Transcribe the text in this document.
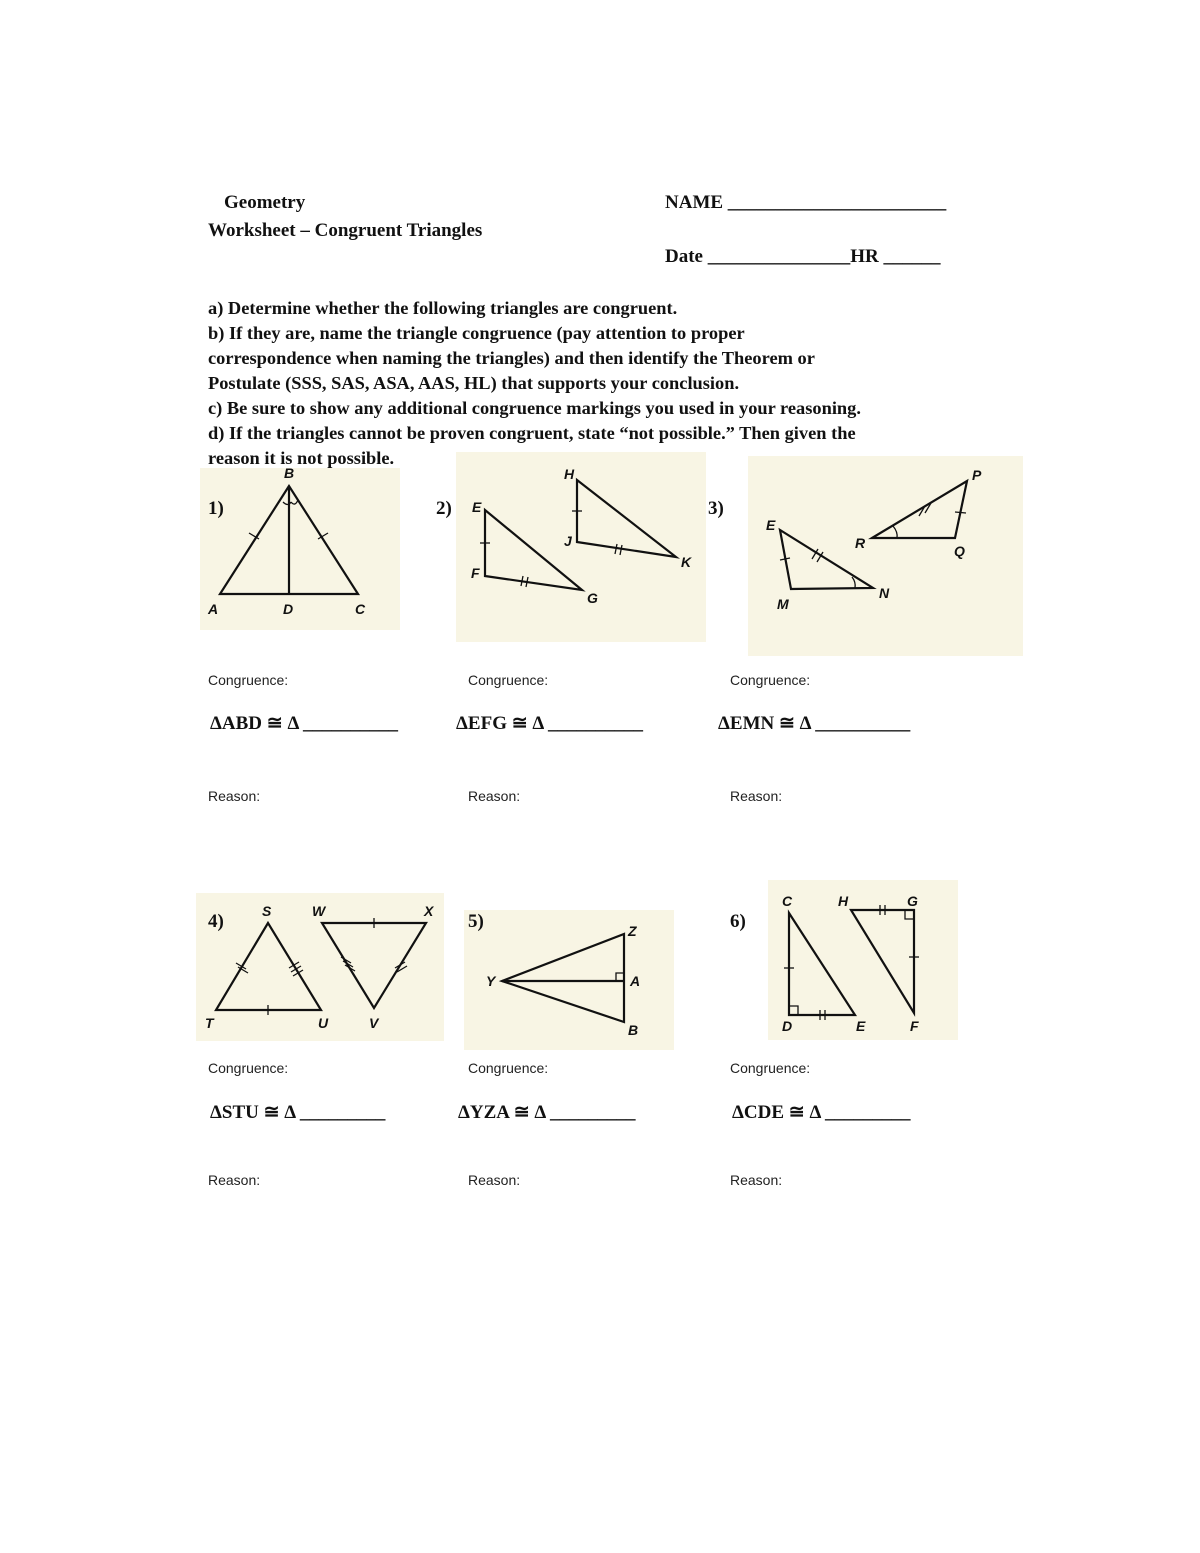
Geometry
Worksheet – Congruent Triangles
NAME _______________________
Date _______________HR ______
a) Determine whether the following triangles are congruent.
b) If they are, name the triangle congruence (pay attention to proper
correspondence when naming the triangles) and then identify the Theorem or
Postulate (SSS, SAS, ASA, AAS, HL) that supports your conclusion.
c) Be sure to show any additional congruence markings you used in your reasoning.
d) If the triangles cannot be proven congruent, state “not possible.” Then given the
reason it is not possible.
1)	2)	3)
4)	5)	6)
B
A	D	C
E
F
G
H
J
K
E
M
N
R
P
Q
S
T	U
W	X
V
Y
Z
A
B
C
D	E
H	G
F
Congruence:	Congruence:	Congruence:
ΔABD ≅ Δ __________	ΔEFG ≅ Δ __________	ΔEMN ≅ Δ __________
Reason:	Reason:	Reason:
Congruence:	Congruence:	Congruence:
ΔSTU ≅ Δ _________	ΔYZA ≅ Δ _________	ΔCDE ≅ Δ _________
Reason:	Reason:	Reason:
